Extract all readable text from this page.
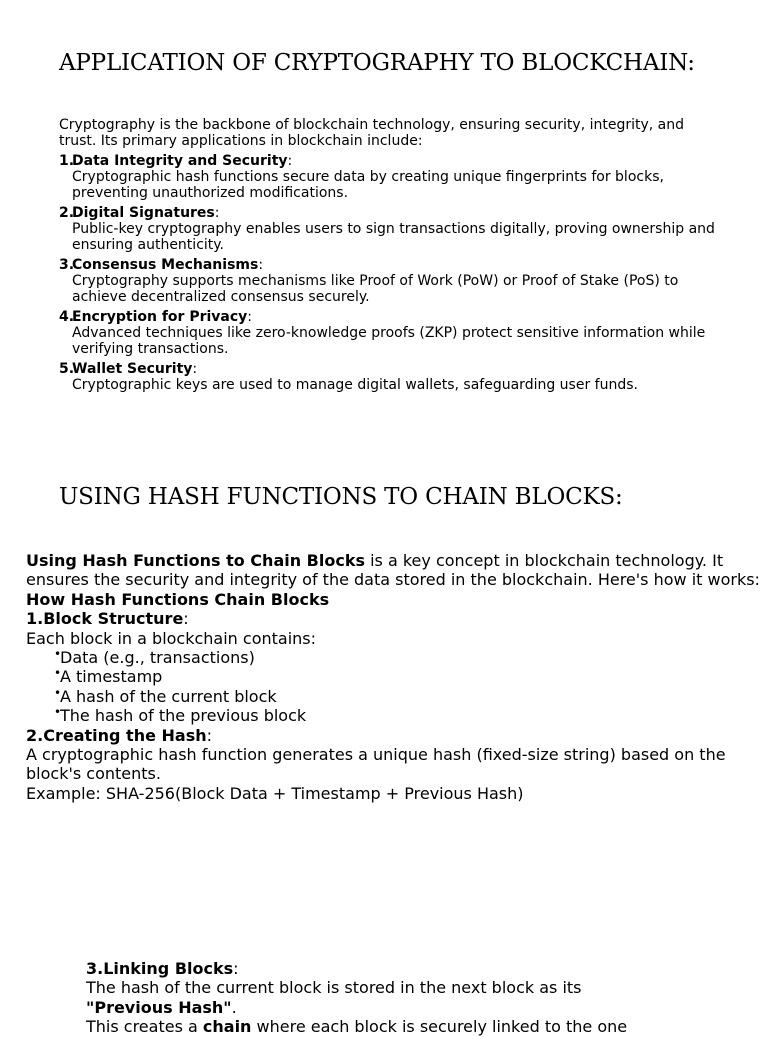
APPLICATION OF CRYPTOGRAPHY TO BLOCKCHAIN:

Cryptography is the backbone of blockchain technology, ensuring security, integrity, and trust. Its primary applications in blockchain include:

1.
Data Integrity and Security:
Cryptographic hash functions secure data by creating unique fingerprints for blocks, preventing unauthorized modifications.
2.
Digital Signatures:
Public-key cryptography enables users to sign transactions digitally, proving ownership and ensuring authenticity.
3.
Consensus Mechanisms:
Cryptography supports mechanisms like Proof of Work (PoW) or Proof of Stake (PoS) to achieve decentralized consensus securely.
4.
Encryption for Privacy:
Advanced techniques like zero-knowledge proofs (ZKP) protect sensitive information while verifying transactions.
5.
Wallet Security:
Cryptographic keys are used to manage digital wallets, safeguarding user funds.
USING HASH FUNCTIONS TO CHAIN BLOCKS:

Using Hash Functions to Chain Blocks is a key concept in blockchain technology. It ensures the security and integrity of the data stored in the blockchain. Here's how it works:

How Hash Functions Chain Blocks

1.Block Structure:

Each block in a blockchain contains:

•
Data (e.g., transactions)
•
A timestamp
•
A hash of the current block
•
The hash of the previous block

2.Creating the Hash:

A cryptographic hash function generates a unique hash (fixed-size string) based on the block's contents.

Example: SHA-256(Block Data + Timestamp + Previous Hash)

3.Linking Blocks:

The hash of the current block is stored in the next block as its

"Previous Hash".

This creates a chain where each block is securely linked to the one
